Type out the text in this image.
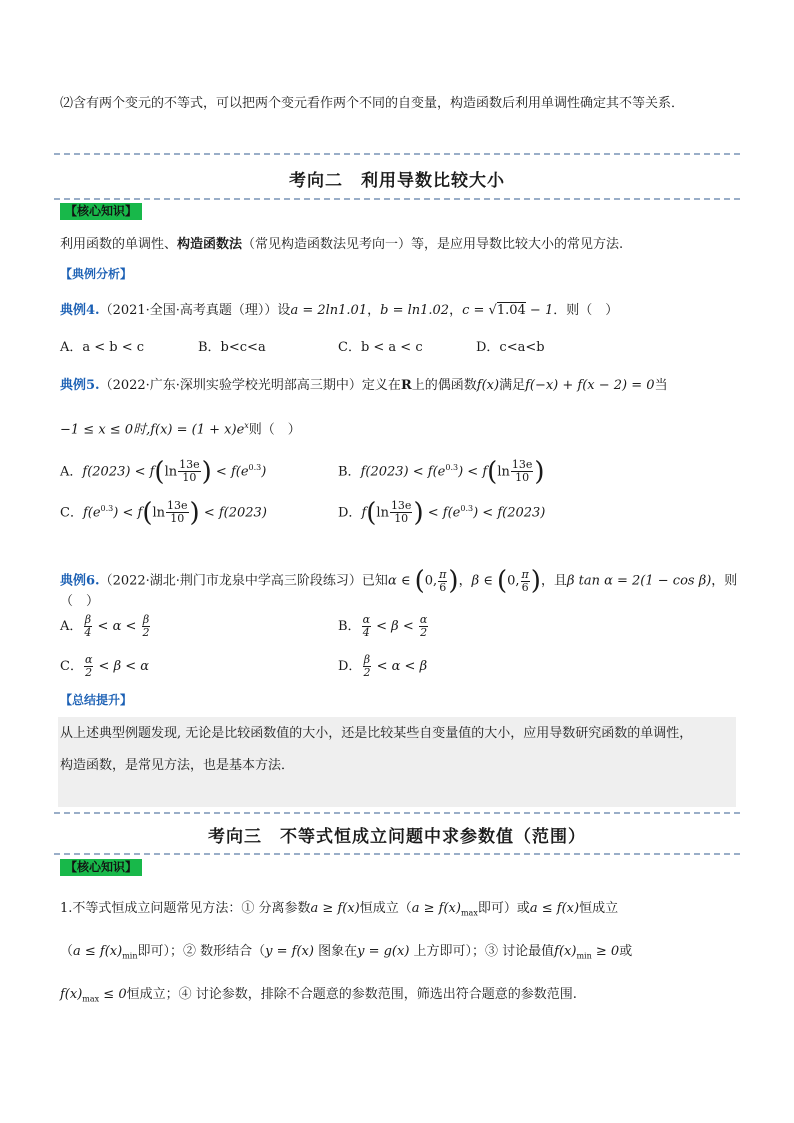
⑵含有两个变元的不等式，可以把两个变元看作两个不同的自变量，构造函数后利用单调性确定其不等关系．
考向二　利用导数比较大小
【核心知识】
利用函数的单调性、构造函数法（常见构造函数法见考向一）等，是应用导数比较大小的常见方法.
【典例分析】
典例4.（2021·全国·高考真题（理））设a = 2ln1.01，b = ln1.02，c = √1.04 − 1．则（　）
A．a < b < c	B．b<c<a	C．b < a < c	D．c<a<b
典例5.（2022·广东·深圳实验学校光明部高三期中）定义在R上的偶函数f(x)满足f(−x) + f(x − 2) = 0当
−1 ≤ x ≤ 0时$,f(x) = (1 + x)e^x$则（　）
A．$f(2023) < f(\ln \frac{13e}{10}$ ) < $f(e^{0.3})$	B．$f(2023) < f(e^{0.3}) < f(\ln \frac{13e}{10}$ )
C．$f(e^{0.3}) < f(\ln \frac{13e}{10}$ ) < f(2023)	D．$f(\ln \frac{13e}{10}$ ) < $f(e^{0.3}) < f(2023)$
典例6.（2022·湖北·荆门市龙泉中学高三阶段练习）已知α ∈ (0, $\frac{\pi}{6}$ )，β ∈ (0, $\frac{\pi}{6}$ )，且β tan α = 2(1 − cos β)，则
（　）
A． $\frac{\beta}{4} < \alpha < \frac{\beta}{2}$	B． $\frac{\alpha}{4} < \beta < \frac{\alpha}{2}$
C． $\frac{\alpha}{2} < \beta < \alpha$	D． $\frac{\beta}{2} < \alpha < \beta$
【总结提升】
从上述典型例题发现, 无论是比较函数值的大小，还是比较某些自变量值的大小，应用导数研究函数的单调性，
构造函数，是常见方法，也是基本方法．
考向三　不等式恒成立问题中求参数值（范围）
【核心知识】
1.不等式恒成立问题常见方法：① 分离参数a ≥ f(x)恒成立（$a \ge f(x)_{max}$即可）或a ≤ f(x)恒成立
（$a \le f(x)_{min}$即可）；② 数形结合（y = f(x) 图象在y = g(x) 上方即可）；③ 讨论最值$f(x)_{min} \ge 0$或
$f(x)_{max} \le 0$恒成立；④ 讨论参数，排除不合题意的参数范围，筛选出符合题意的参数范围.
